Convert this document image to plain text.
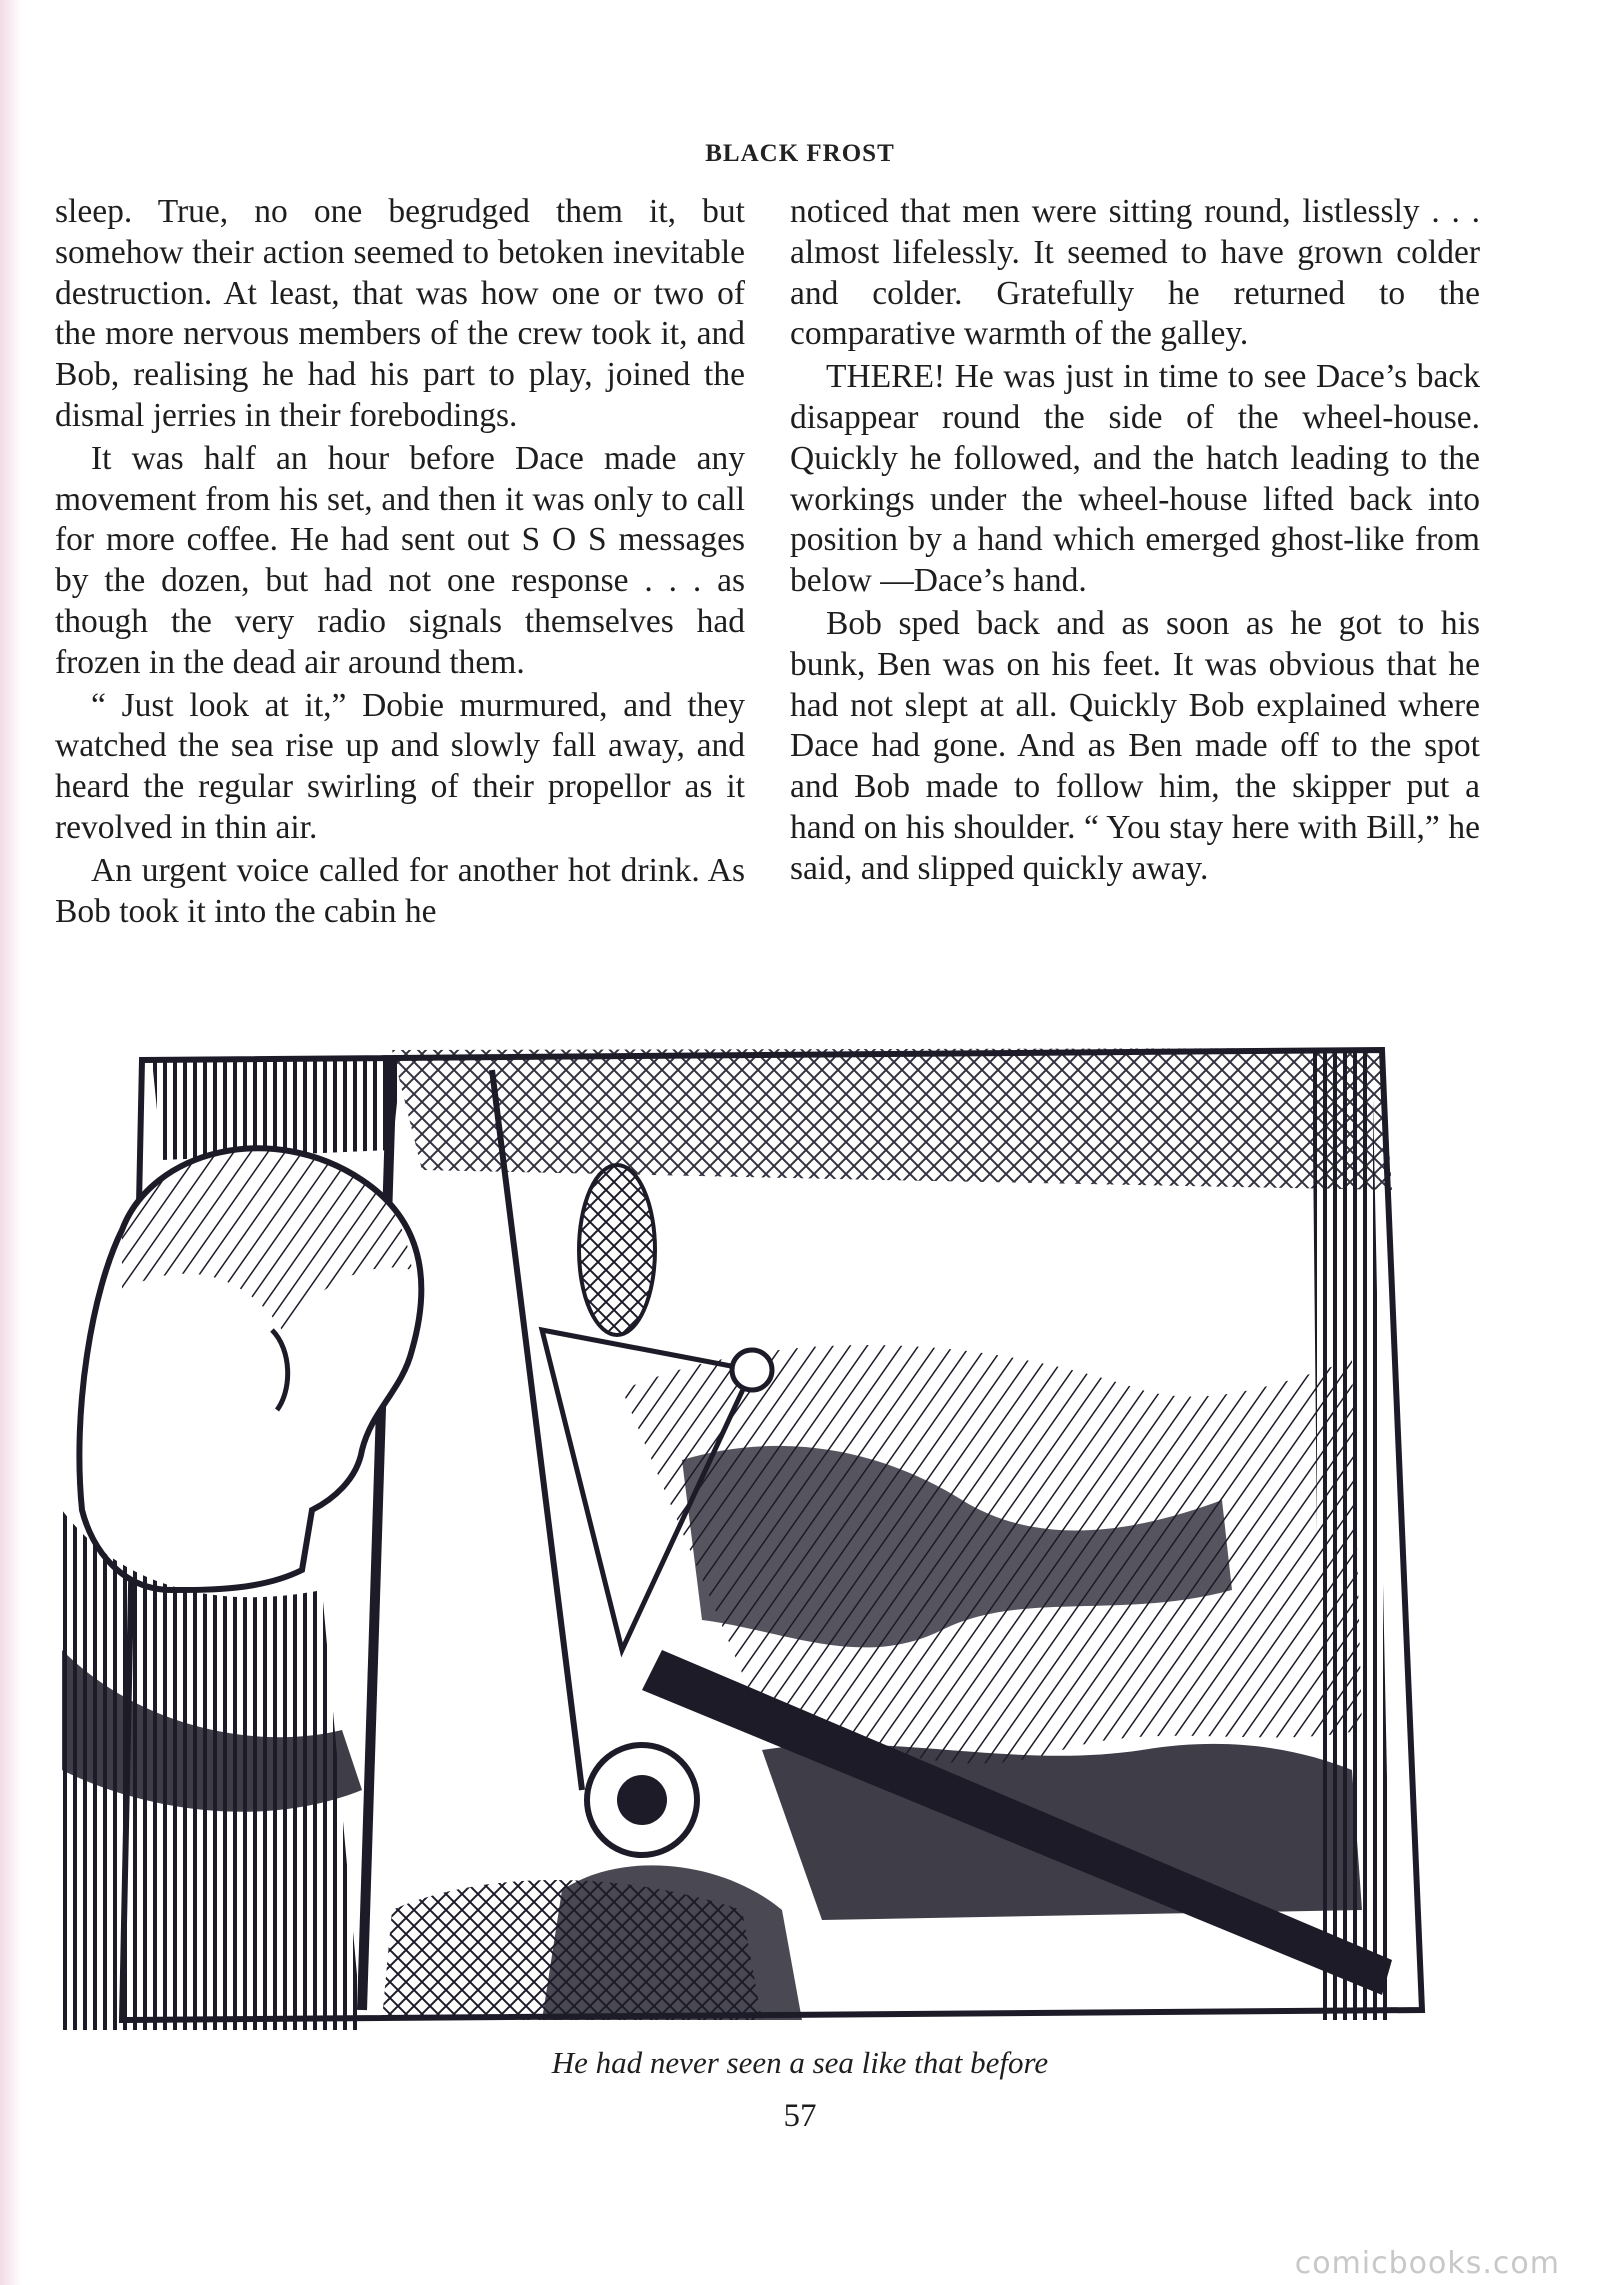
BLACK FROST

sleep. True, no one begrudged them it, but somehow their action seemed to betoken inevitable destruction. At least, that was how one or two of the more nervous members of the crew took it, and Bob, realising he had his part to play, joined the dismal jerries in their forebodings.

It was half an hour before Dace made any movement from his set, and then it was only to call for more coffee. He had sent out S O S messages by the dozen, but had not one response . . . as though the very radio signals themselves had frozen in the dead air around them.

“ Just look at it,” Dobie murmured, and they watched the sea rise up and slowly fall away, and heard the regular swirling of their propellor as it revolved in thin air.

An urgent voice called for another hot drink. As Bob took it into the cabin he

noticed that men were sitting round, listlessly . . . almost lifelessly. It seemed to have grown colder and colder. Gratefully he returned to the comparative warmth of the galley.

THERE! He was just in time to see Dace’s back disappear round the side of the wheel-house. Quickly he followed, and the hatch leading to the workings under the wheel-house lifted back into position by a hand which emerged ghost-like from below —Dace’s hand.

Bob sped back and as soon as he got to his bunk, Ben was on his feet. It was obvious that he had not slept at all. Quickly Bob explained where Dace had gone. And as Ben made off to the spot and Bob made to follow him, the skipper put a hand on his shoulder. “ You stay here with Bill,” he said, and slipped quickly away.

He had never seen a sea like that before
57
comicbooks.com
